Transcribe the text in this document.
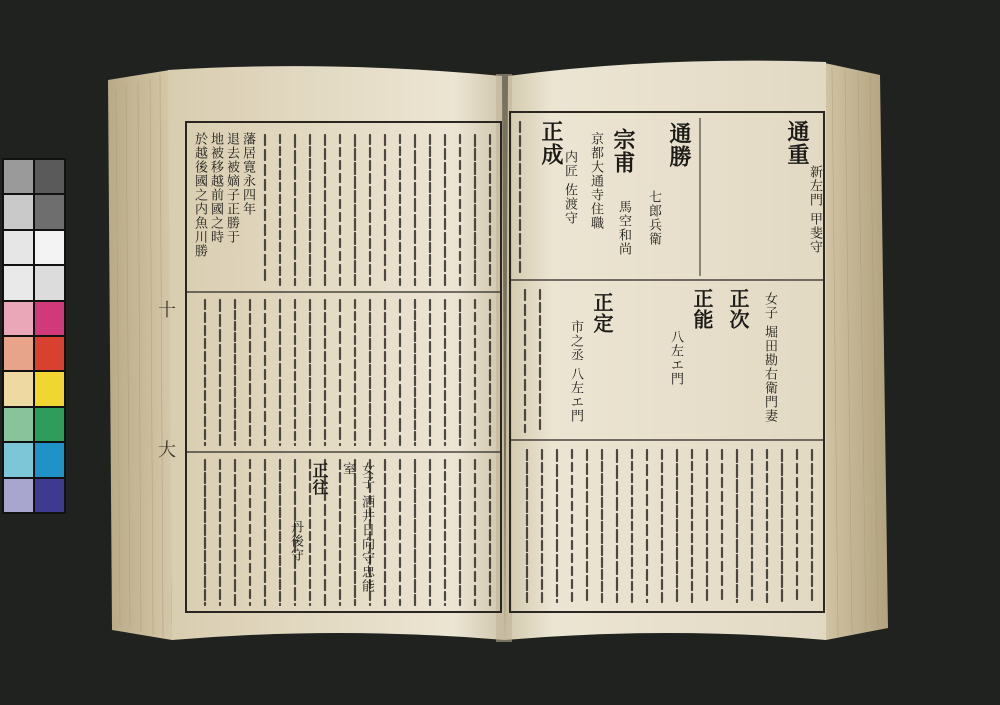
通重
新左門 甲斐守
通勝
七郎兵衛
宗甫
馬空和尚
京都大通寺住職
正成
内匠 佐渡守
正能
八左エ門
正定
市之丞 八左エ門
正次 女子 堀田勘右衛門妻
正往	女子 酒井日向守忠能室
丹後守
於越後國之内魚川勝 地被移越前國之時 退去被嫡子正勝于 藩居寛永四年
大
十
